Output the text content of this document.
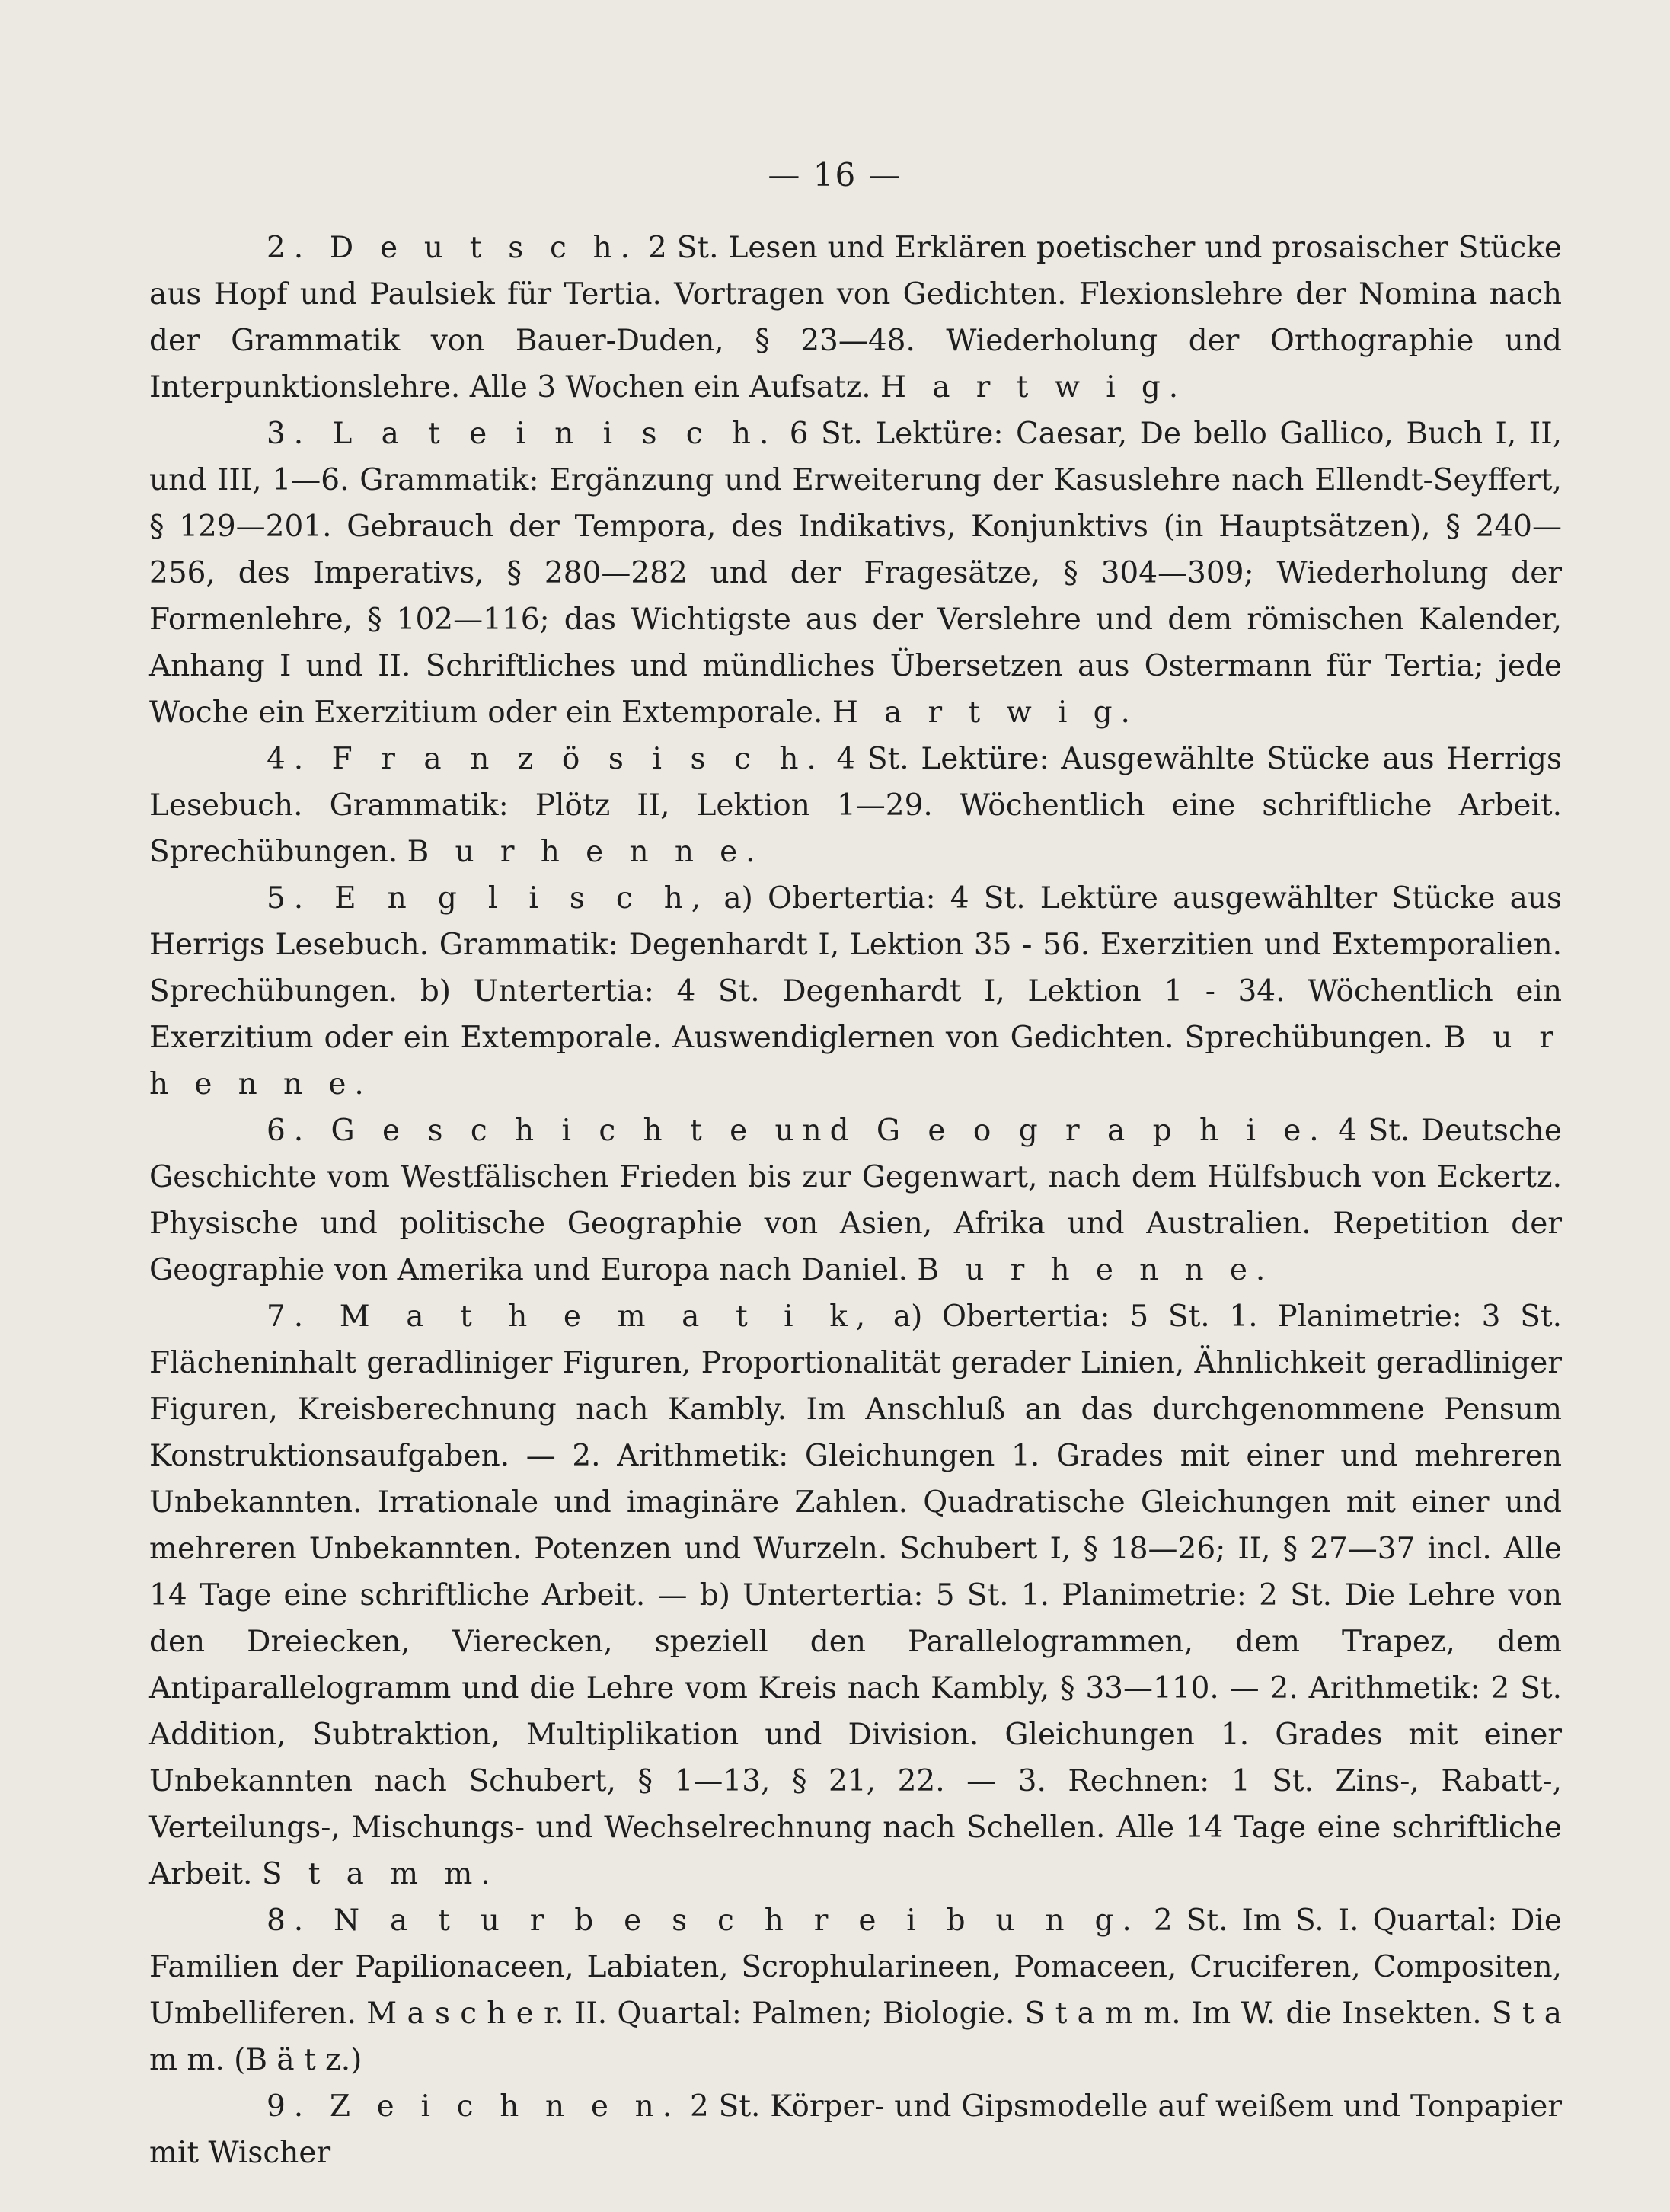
— 16 —

2. D e u t s c h. 2 St. Lesen und Erklären poetischer und prosaischer Stücke aus Hopf und Paulsiek für Tertia. Vortragen von Gedichten. Flexionslehre der Nomina nach der Grammatik von Bauer-Duden, § 23—48. Wiederholung der Orthographie und Interpunktionslehre. Alle 3 Wochen ein Aufsatz. H a r t w i g.

3. L a t e i n i s c h. 6 St. Lektüre: Caesar, De bello Gallico, Buch I, II, und III, 1—6. Grammatik: Ergänzung und Erweiterung der Kasuslehre nach Ellendt-Seyffert, § 129—201. Gebrauch der Tempora, des Indikativs, Konjunktivs (in Hauptsätzen), § 240—256, des Imperativs, § 280—282 und der Fragesätze, § 304—309; Wiederholung der Formenlehre, § 102—116; das Wichtigste aus der Verslehre und dem römischen Kalender, Anhang I und II. Schriftliches und mündliches Übersetzen aus Ostermann für Tertia; jede Woche ein Exerzitium oder ein Extemporale. H a r t w i g.

4. F r a n z ö s i s c h. 4 St. Lektüre: Ausgewählte Stücke aus Herrigs Lesebuch. Grammatik: Plötz II, Lektion 1—29. Wöchentlich eine schriftliche Arbeit. Sprechübungen. B u r h e n n e.

5. E n g l i s c h, a) Obertertia: 4 St. Lektüre ausgewählter Stücke aus Herrigs Lesebuch. Grammatik: Degenhardt I, Lektion 35 - 56. Exerzitien und Extemporalien. Sprechübungen. b) Untertertia: 4 St. Degenhardt I, Lektion 1 - 34. Wöchentlich ein Exerzitium oder ein Extemporale. Auswendiglernen von Gedichten. Sprechübungen. B u r h e n n e.

6. G e s c h i c h t e und G e o g r a p h i e. 4 St. Deutsche Geschichte vom Westfälischen Frieden bis zur Gegenwart, nach dem Hülfsbuch von Eckertz. Physische und politische Geographie von Asien, Afrika und Australien. Repetition der Geographie von Amerika und Europa nach Daniel. B u r h e n n e.

7. M a t h e m a t i k, a) Obertertia: 5 St. 1. Planimetrie: 3 St. Flächeninhalt geradliniger Figuren, Proportionalität gerader Linien, Ähnlichkeit geradliniger Figuren, Kreisberechnung nach Kambly. Im Anschluß an das durchgenommene Pensum Konstruktionsaufgaben. — 2. Arithmetik: Gleichungen 1. Grades mit einer und mehreren Unbekannten. Irrationale und imaginäre Zahlen. Quadratische Gleichungen mit einer und mehreren Unbekannten. Potenzen und Wurzeln. Schubert I, § 18—26; II, § 27—37 incl. Alle 14 Tage eine schriftliche Arbeit. — b) Untertertia: 5 St. 1. Planimetrie: 2 St. Die Lehre von den Dreiecken, Vierecken, speziell den Parallelogrammen, dem Trapez, dem Antiparallelogramm und die Lehre vom Kreis nach Kambly, § 33—110. — 2. Arithmetik: 2 St. Addition, Subtraktion, Multiplikation und Division. Gleichungen 1. Grades mit einer Unbekannten nach Schubert, § 1—13, § 21, 22. — 3. Rechnen: 1 St. Zins-, Rabatt-, Verteilungs-, Mischungs- und Wechselrechnung nach Schellen. Alle 14 Tage eine schriftliche Arbeit. S t a m m.

8. N a t u r b e s c h r e i b u n g. 2 St. Im S. I. Quartal: Die Familien der Papilionaceen, Labiaten, Scrophularineen, Pomaceen, Cruciferen, Compositen, Umbelliferen. M a s c h e r. II. Quartal: Palmen; Biologie. S t a m m. Im W. die Insekten. S t a m m. (B ä t z.)

9. Z e i c h n e n. 2 St. Körper- und Gipsmodelle auf weißem und Tonpapier mit Wischer
